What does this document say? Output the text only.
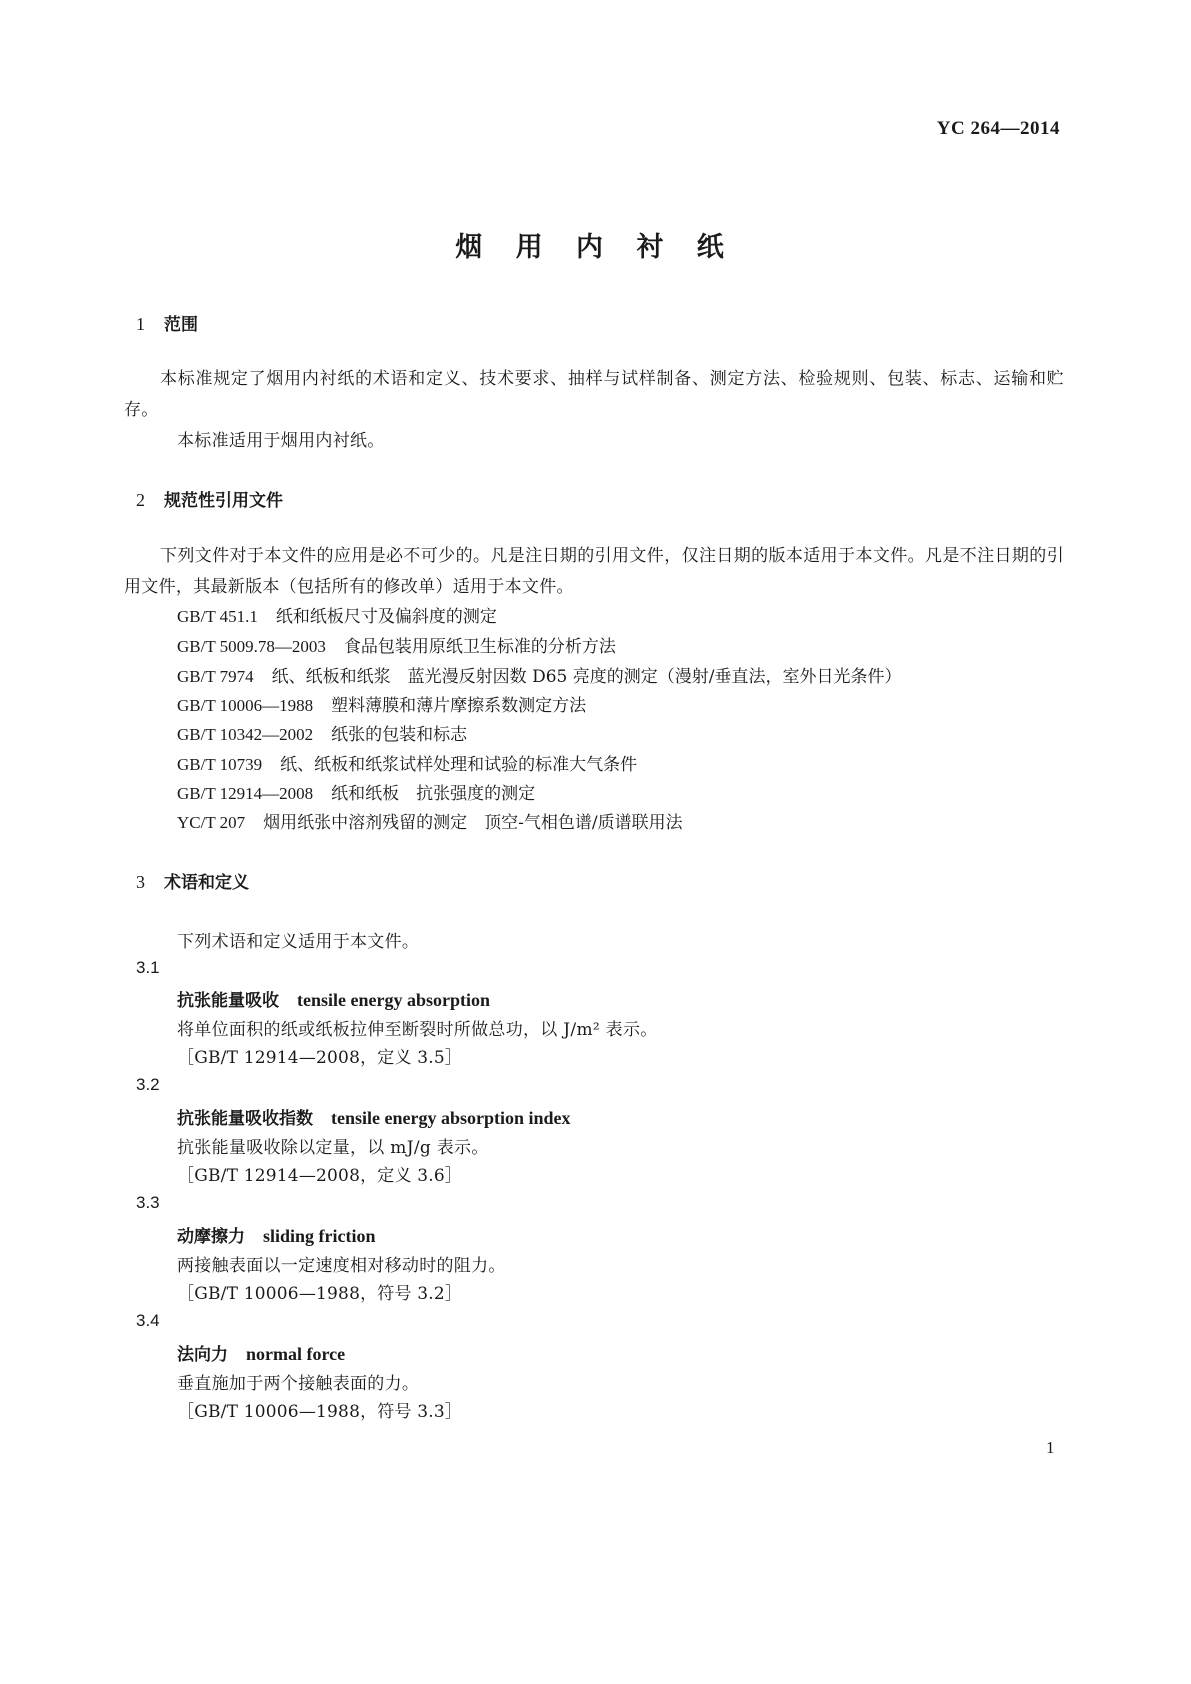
YC 264—2014
烟 用 内 衬 纸
1 范围
本标准规定了烟用内衬纸的术语和定义、技术要求、抽样与试样制备、测定方法、检验规则、包装、标志、运输和贮存。
本标准适用于烟用内衬纸。
2 规范性引用文件
下列文件对于本文件的应用是必不可少的。凡是注日期的引用文件，仅注日期的版本适用于本文件。凡是不注日期的引用文件，其最新版本（包括所有的修改单）适用于本文件。
GB/T 451.1 纸和纸板尺寸及偏斜度的测定
GB/T 5009.78—2003 食品包装用原纸卫生标准的分析方法
GB/T 7974 纸、纸板和纸浆　蓝光漫反射因数 D65 亮度的测定（漫射/垂直法，室外日光条件）
GB/T 10006—1988 塑料薄膜和薄片摩擦系数测定方法
GB/T 10342—2002 纸张的包装和标志
GB/T 10739 纸、纸板和纸浆试样处理和试验的标准大气条件
GB/T 12914—2008 纸和纸板　抗张强度的测定
YC/T 207 烟用纸张中溶剂残留的测定　顶空-气相色谱/质谱联用法
3 术语和定义
下列术语和定义适用于本文件。
3.1
抗张能量吸收 tensile energy absorption
将单位面积的纸或纸板拉伸至断裂时所做总功，以 J/m² 表示。
［GB/T 12914—2008，定义 3.5］
3.2
抗张能量吸收指数 tensile energy absorption index
抗张能量吸收除以定量，以 mJ/g 表示。
［GB/T 12914—2008，定义 3.6］
3.3
动摩擦力 sliding friction
两接触表面以一定速度相对移动时的阻力。
［GB/T 10006—1988，符号 3.2］
3.4
法向力 normal force
垂直施加于两个接触表面的力。
［GB/T 10006—1988，符号 3.3］
1
